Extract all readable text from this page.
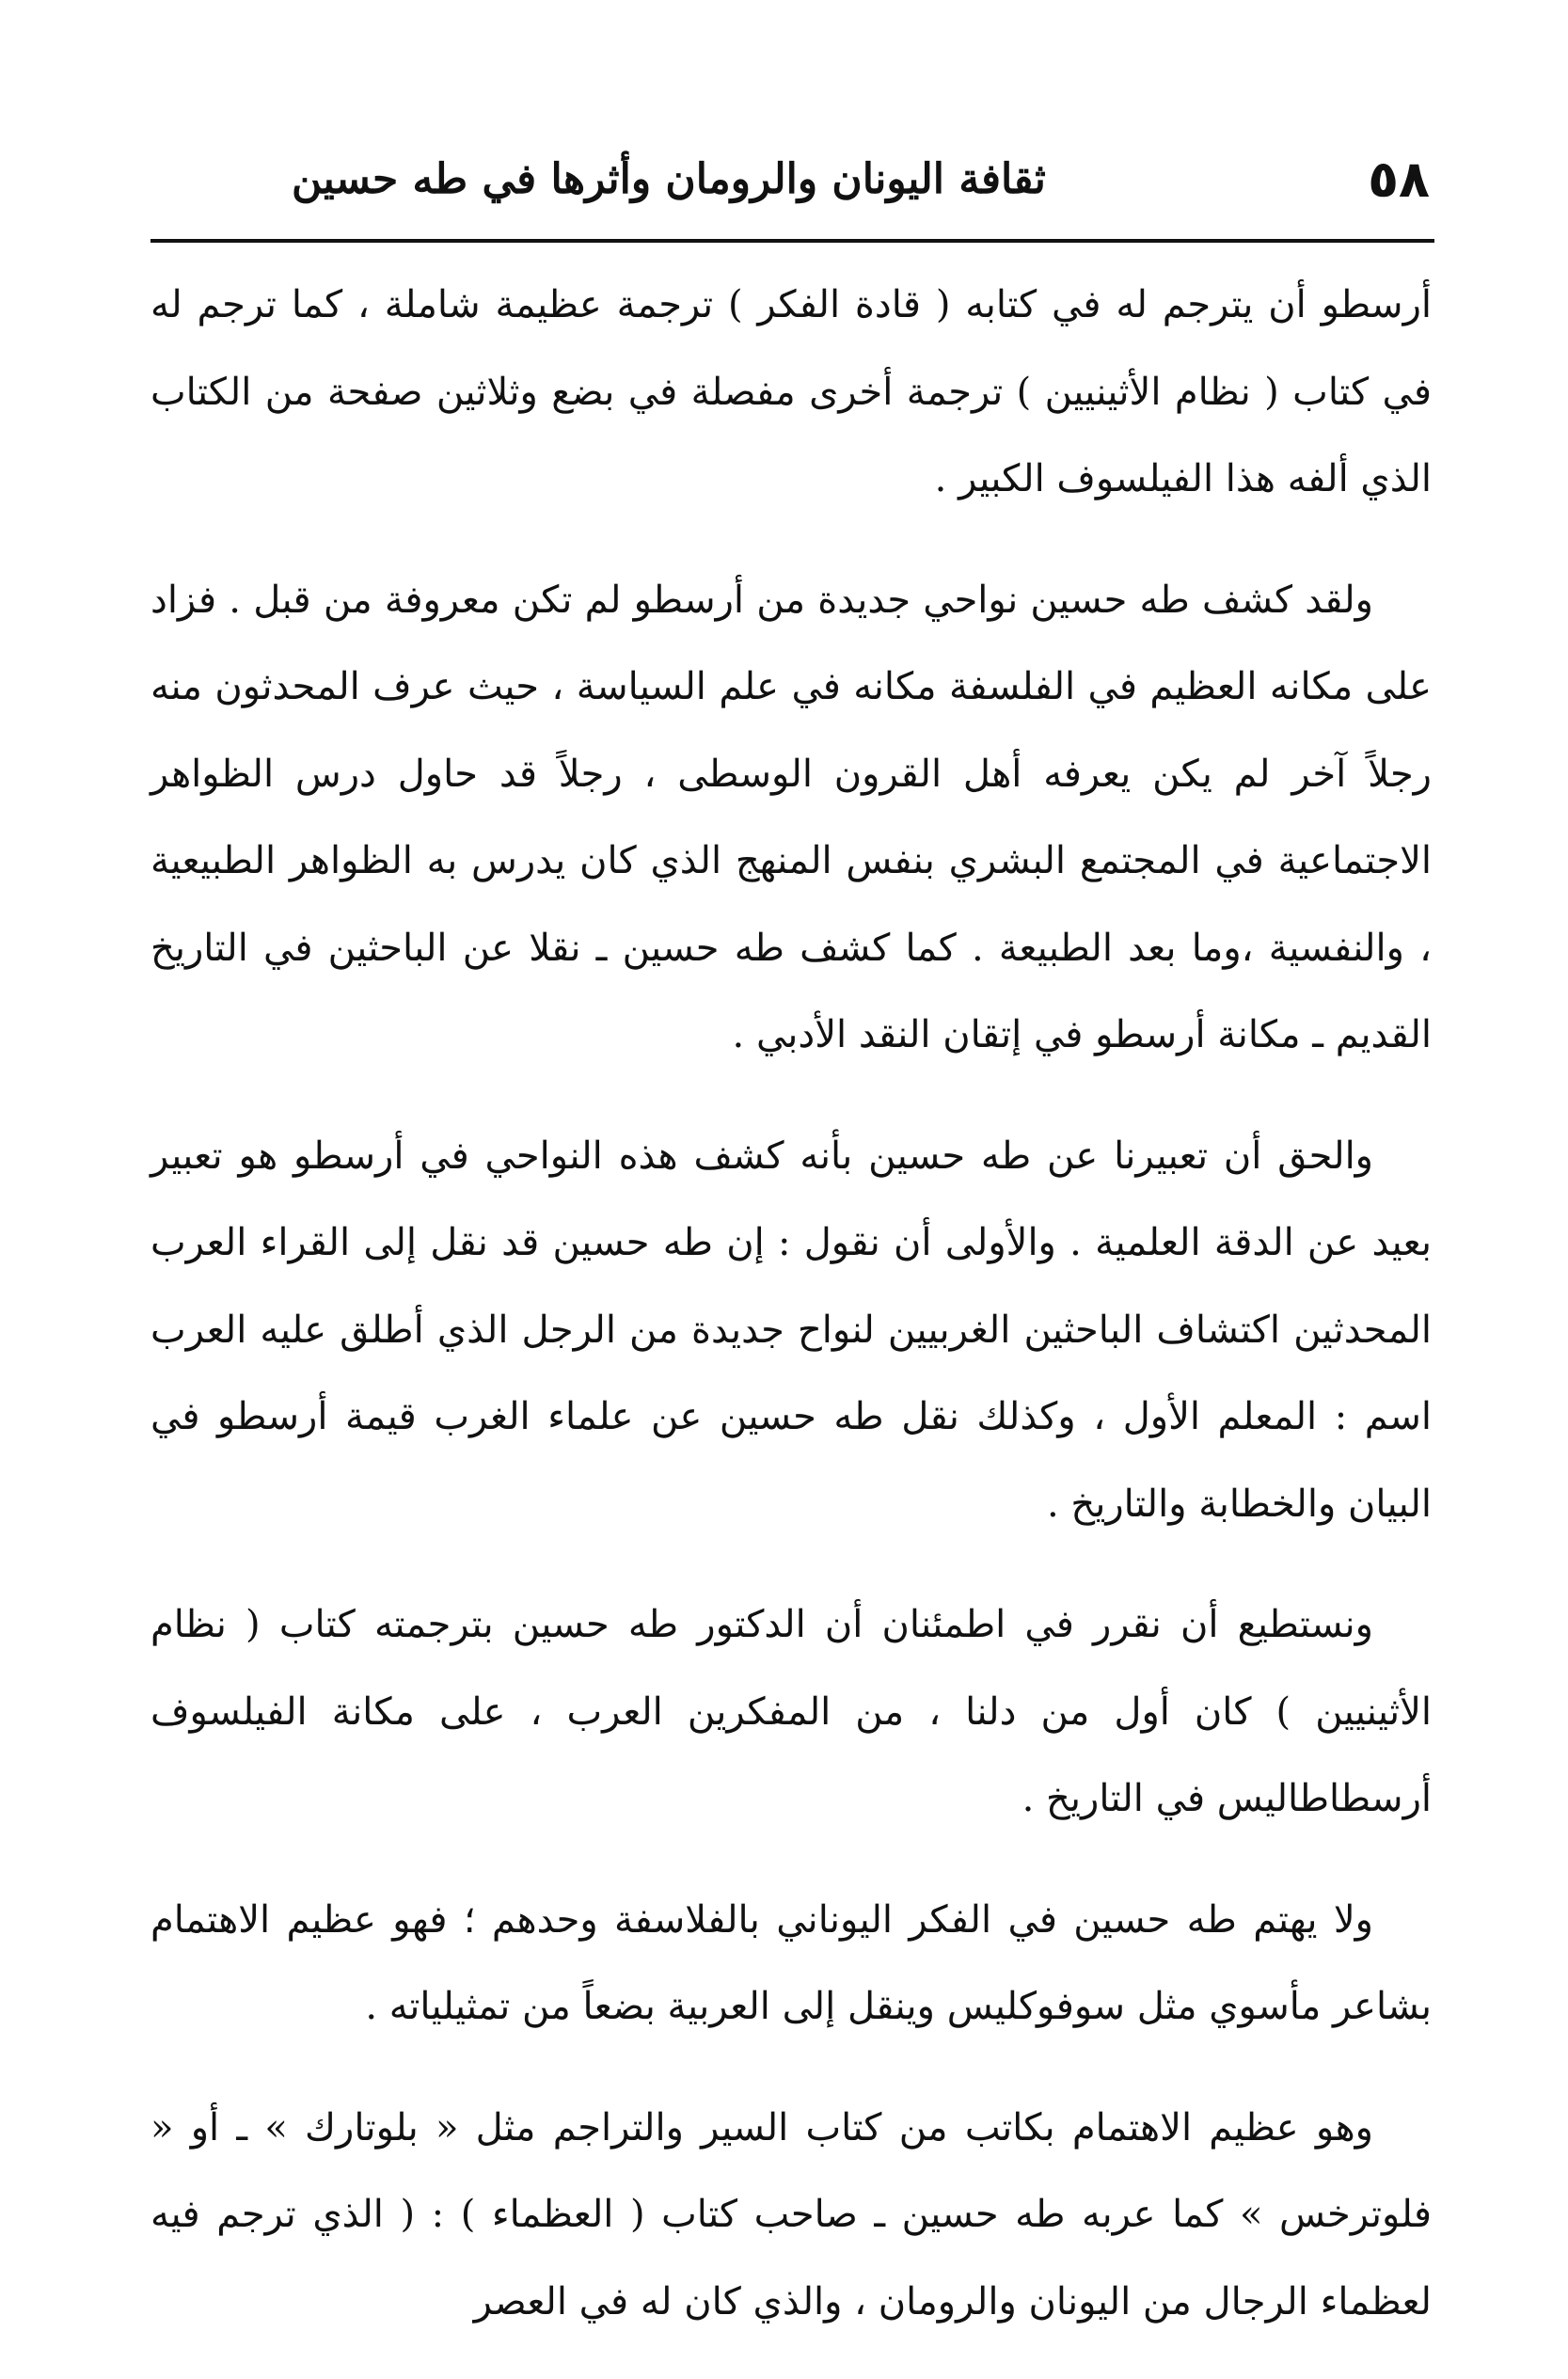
٥٨
ثقافة اليونان والرومان وأثرها في طه حسين

أرسطو أن يترجم له في كتابه ( قادة الفكر ) ترجمة عظيمة شاملة ، كما ترجم له في كتاب ( نظام الأثينيين ) ترجمة أخرى مفصلة في بضع وثلاثين صفحة من الكتاب الذي ألفه هذا الفيلسوف الكبير .

ولقد كشف طه حسين نواحي جديدة من أرسطو لم تكن معروفة من قبل . فزاد على مكانه العظيم في الفلسفة مكانه في علم السياسة ، حيث عرف المحدثون منه رجلاً آخر لم يكن يعرفه أهل القرون الوسطى ، رجلاً قد حاول درس الظواهر الاجتماعية في المجتمع البشري بنفس المنهج الذي كان يدرس به الظواهر الطبيعية ، والنفسية ،وما بعد الطبيعة . كما كشف طه حسين ـ نقلا عن الباحثين في التاريخ القديم ـ مكانة أرسطو في إتقان النقد الأدبي .

والحق أن تعبيرنا عن طه حسين بأنه كشف هذه النواحي في أرسطو هو تعبير بعيد عن الدقة العلمية . والأولى أن نقول : إن طه حسين قد نقل إلى القراء العرب المحدثين اكتشاف الباحثين الغربيين لنواح جديدة من الرجل الذي أطلق عليه العرب اسم : المعلم الأول ، وكذلك نقل طه حسين عن علماء الغرب قيمة أرسطو في البيان والخطابة والتاريخ .

ونستطيع أن نقرر في اطمئنان أن الدكتور طه حسين بترجمته كتاب ( نظام الأثينيين ) كان أول من دلنا ، من المفكرين العرب ، على مكانة الفيلسوف أرسطاطاليس في التاريخ .

ولا يهتم طه حسين في الفكر اليوناني بالفلاسفة وحدهم ؛ فهو عظيم الاهتمام بشاعر مأسوي مثل سوفوكليس وينقل إلى العربية بضعاً من تمثيلياته .

وهو عظيم الاهتمام بكاتب من كتاب السير والتراجم مثل « بلوتارك » ـ أو « فلوترخس » كما عربه طه حسين ـ صاحب كتاب ( العظماء ) : ( الذي ترجم فيه لعظماء الرجال من اليونان والرومان ، والذي كان له في العصر
